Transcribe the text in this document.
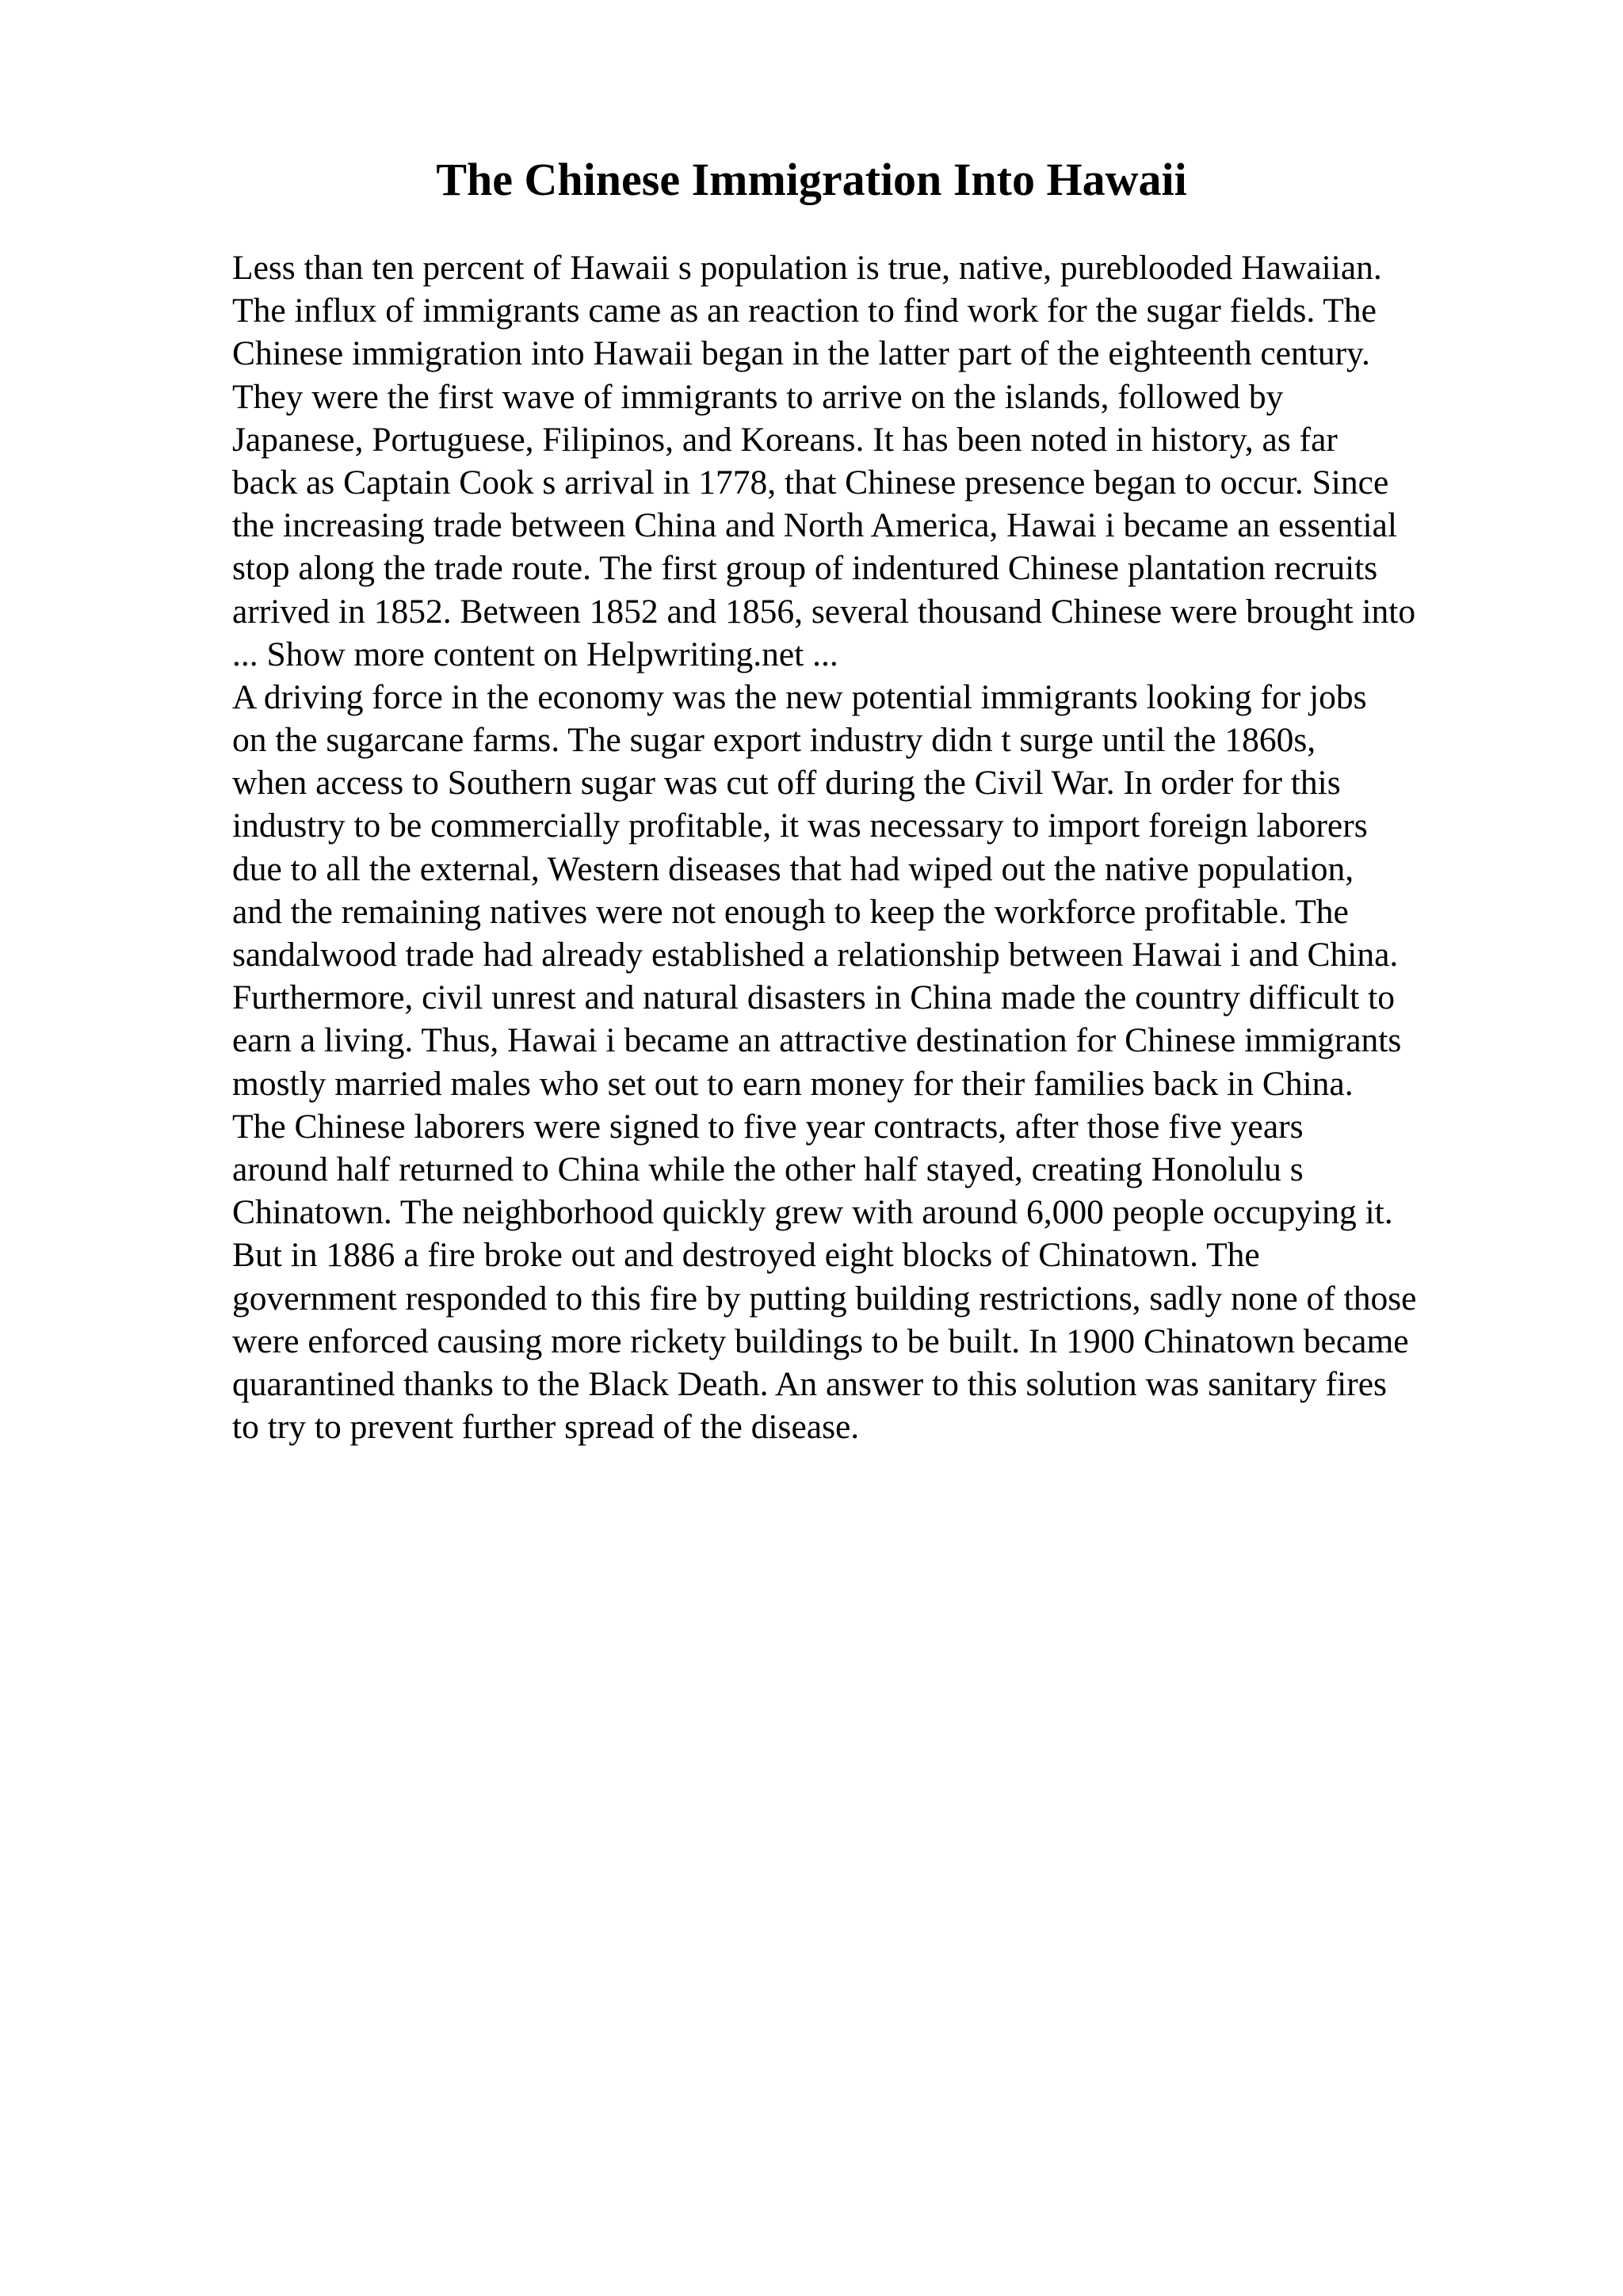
The Chinese Immigration Into Hawaii
Less than ten percent of Hawaii s population is true, native, pureblooded Hawaiian.
The influx of immigrants came as an reaction to find work for the sugar fields. The
Chinese immigration into Hawaii began in the latter part of the eighteenth century.
They were the first wave of immigrants to arrive on the islands, followed by
Japanese, Portuguese, Filipinos, and Koreans. It has been noted in history, as far
back as Captain Cook s arrival in 1778, that Chinese presence began to occur. Since
the increasing trade between China and North America, Hawai i became an essential
stop along the trade route. The first group of indentured Chinese plantation recruits
arrived in 1852. Between 1852 and 1856, several thousand Chinese were brought into
... Show more content on Helpwriting.net ...
A driving force in the economy was the new potential immigrants looking for jobs
on the sugarcane farms. The sugar export industry didn t surge until the 1860s,
when access to Southern sugar was cut off during the Civil War. In order for this
industry to be commercially profitable, it was necessary to import foreign laborers
due to all the external, Western diseases that had wiped out the native population,
and the remaining natives were not enough to keep the workforce profitable. The
sandalwood trade had already established a relationship between Hawai i and China.
Furthermore, civil unrest and natural disasters in China made the country difficult to
earn a living. Thus, Hawai i became an attractive destination for Chinese immigrants
mostly married males who set out to earn money for their families back in China.
The Chinese laborers were signed to five year contracts, after those five years
around half returned to China while the other half stayed, creating Honolulu s
Chinatown. The neighborhood quickly grew with around 6,000 people occupying it.
But in 1886 a fire broke out and destroyed eight blocks of Chinatown. The
government responded to this fire by putting building restrictions, sadly none of those
were enforced causing more rickety buildings to be built. In 1900 Chinatown became
quarantined thanks to the Black Death. An answer to this solution was sanitary fires
to try to prevent further spread of the disease.
